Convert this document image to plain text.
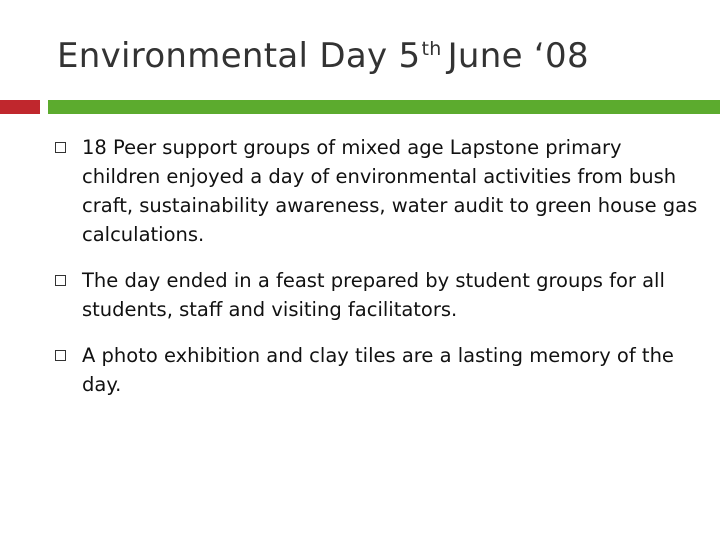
Environmental Day 5th June ‘08
18 Peer support groups of mixed age Lapstone primary children enjoyed a day of environmental activities from bush craft, sustainability awareness, water audit to green house gas calculations.
The day ended in a feast prepared by student groups for all students, staff and visiting facilitators.
A photo exhibition and clay tiles are a lasting memory of the day.
